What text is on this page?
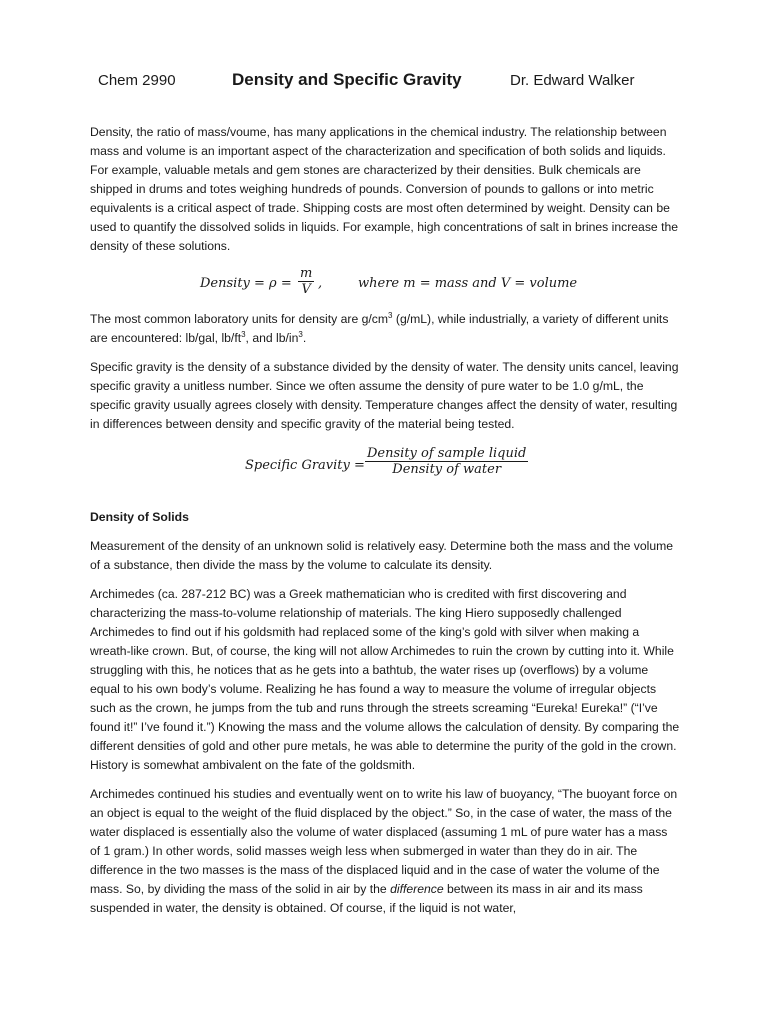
Chem 2990	Density and Specific Gravity	Dr. Edward Walker

Density, the ratio of mass/voume, has many applications in the chemical industry. The relationship between mass and volume is an important aspect of the characterization and specification of both solids and liquids. For example, valuable metals and gem stones are characterized by their densities. Bulk chemicals are shipped in drums and totes weighing hundreds of pounds. Conversion of pounds to gallons or into metric equivalents is a critical aspect of trade. Shipping costs are most often determined by weight. Density can be used to quantify the dissolved solids in liquids. For example, high concentrations of salt in brines increase the density of these solutions.

Density = $\rho = \frac{m}{V}$ ,	where m = mass and V = volume

The most common laboratory units for density are $g/cm^3$ (g/mL), while industrially, a variety of different units are encountered: lb/gal, $lb/ft^3$, and $lb/in^3$.

Specific gravity is the density of a substance divided by the density of water. The density units cancel, leaving specific gravity a unitless number. Since we often assume the density of pure water to be 1.0 g/mL, the specific gravity usually agrees closely with density. Temperature changes affect the density of water, resulting in differences between density and specific gravity of the material being tested.

Specific Gravity =
Density of sample liquid
Density of water

Density of Solids

Measurement of the density of an unknown solid is relatively easy. Determine both the mass and the volume of a substance, then divide the mass by the volume to calculate its density.

Archimedes (ca. 287-212 BC) was a Greek mathematician who is credited with first discovering and characterizing the mass-to-volume relationship of materials. The king Hiero supposedly challenged Archimedes to find out if his goldsmith had replaced some of the king’s gold with silver when making a wreath-like crown. But, of course, the king will not allow Archimedes to ruin the crown by cutting into it. While struggling with this, he notices that as he gets into a bathtub, the water rises up (overflows) by a volume equal to his own body’s volume. Realizing he has found a way to measure the volume of irregular objects such as the crown, he jumps from the tub and runs through the streets screaming “Eureka! Eureka!” (“I’ve found it!” I’ve found it.”) Knowing the mass and the volume allows the calculation of density. By comparing the different densities of gold and other pure metals, he was able to determine the purity of the gold in the crown. History is somewhat ambivalent on the fate of the goldsmith.

Archimedes continued his studies and eventually went on to write his law of buoyancy, “The buoyant force on an object is equal to the weight of the fluid displaced by the object.” So, in the case of water, the mass of the water displaced is essentially also the volume of water displaced (assuming 1 mL of pure water has a mass of 1 gram.) In other words, solid masses weigh less when submerged in water than they do in air. The difference in the two masses is the mass of the displaced liquid and in the case of water the volume of the mass. So, by dividing the mass of the solid in air by the difference between its mass in air and its mass suspended in water, the density is obtained. Of course, if the liquid is not water,
